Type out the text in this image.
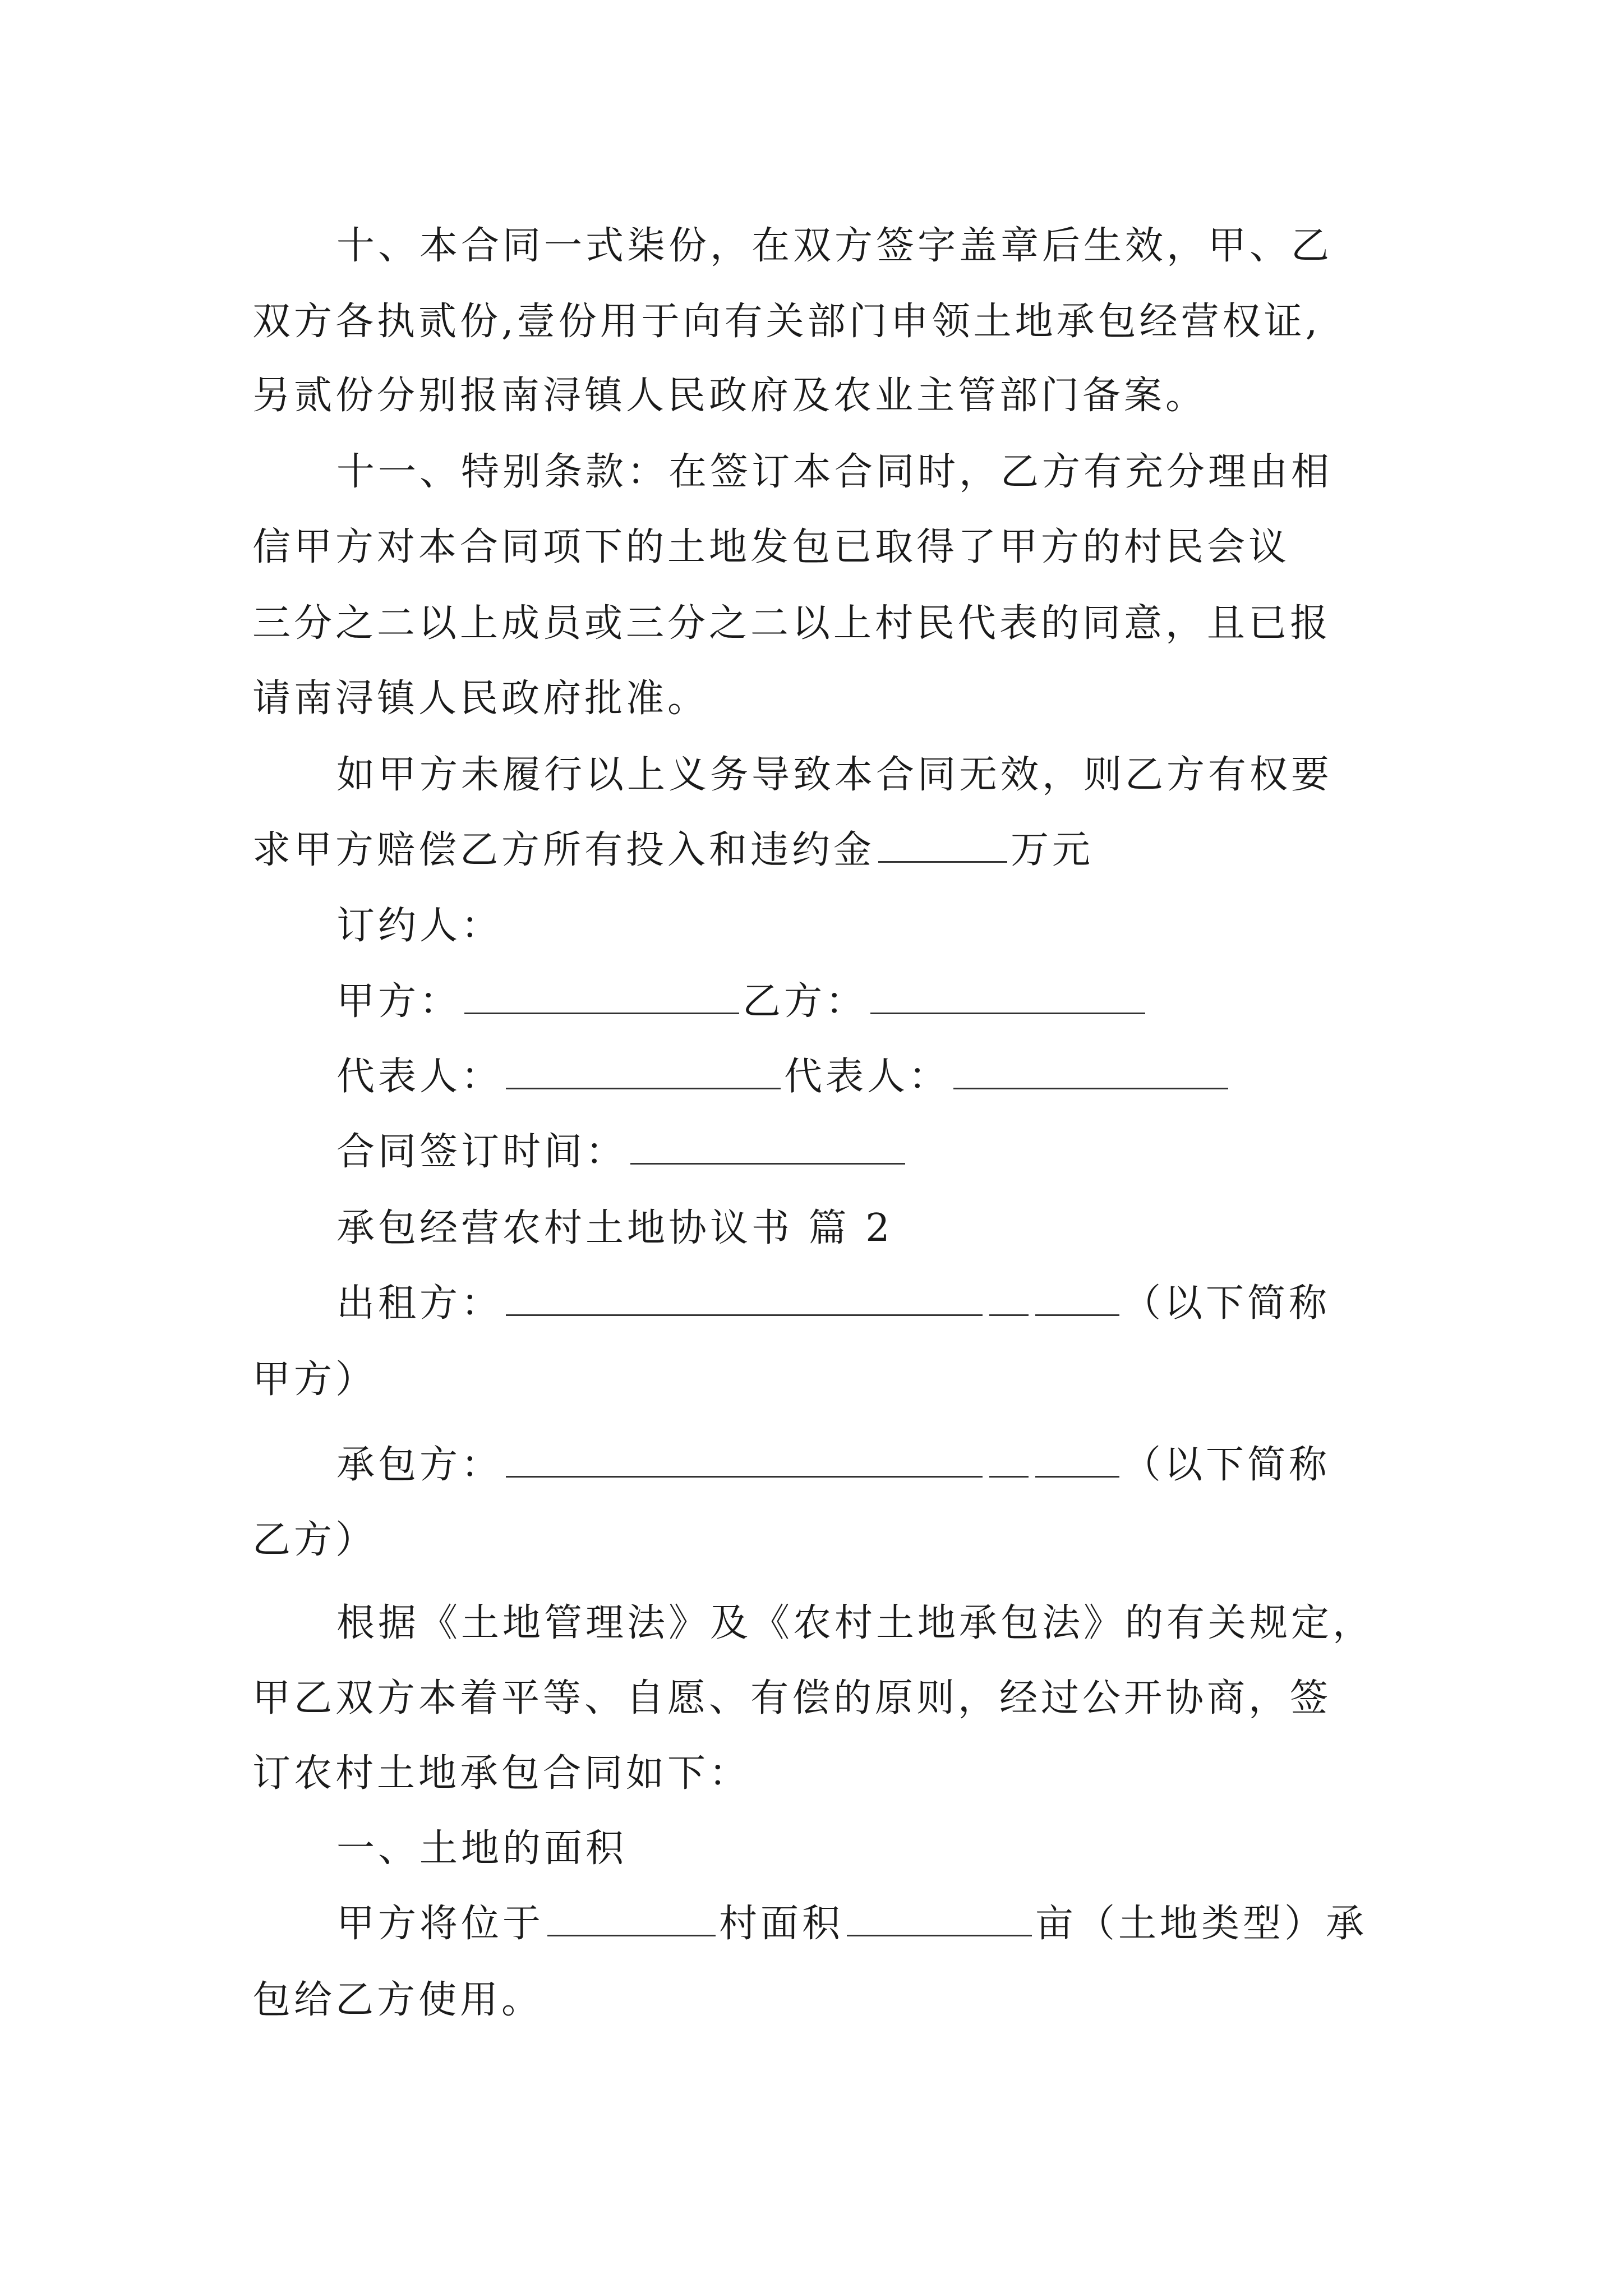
十、本合同一式柒份，在双方签字盖章后生效，甲、乙
双方各执贰份,壹份用于向有关部门申领土地承包经营权证,
另贰份分别报南浔镇人民政府及农业主管部门备案。
十一、特别条款：在签订本合同时，乙方有充分理由相
信甲方对本合同项下的土地发包已取得了甲方的村民会议
三分之二以上成员或三分之二以上村民代表的同意，且已报
请南浔镇人民政府批准。
如甲方未履行以上义务导致本合同无效，则乙方有权要
求甲方赔偿乙方所有投入和违约金	万元
订约人：
甲方：	乙方：
代表人：	代表人：
合同签订时间：
承包经营农村土地协议书 篇 2
出租方：	（以下简称
甲方）
承包方：	（以下简称
乙方）
根据《土地管理法》及《农村土地承包法》的有关规定，
甲乙双方本着平等、自愿、有偿的原则，经过公开协商，签
订农村土地承包合同如下：
一、土地的面积
甲方将位于	村面积	亩（土地类型）承
包给乙方使用。
